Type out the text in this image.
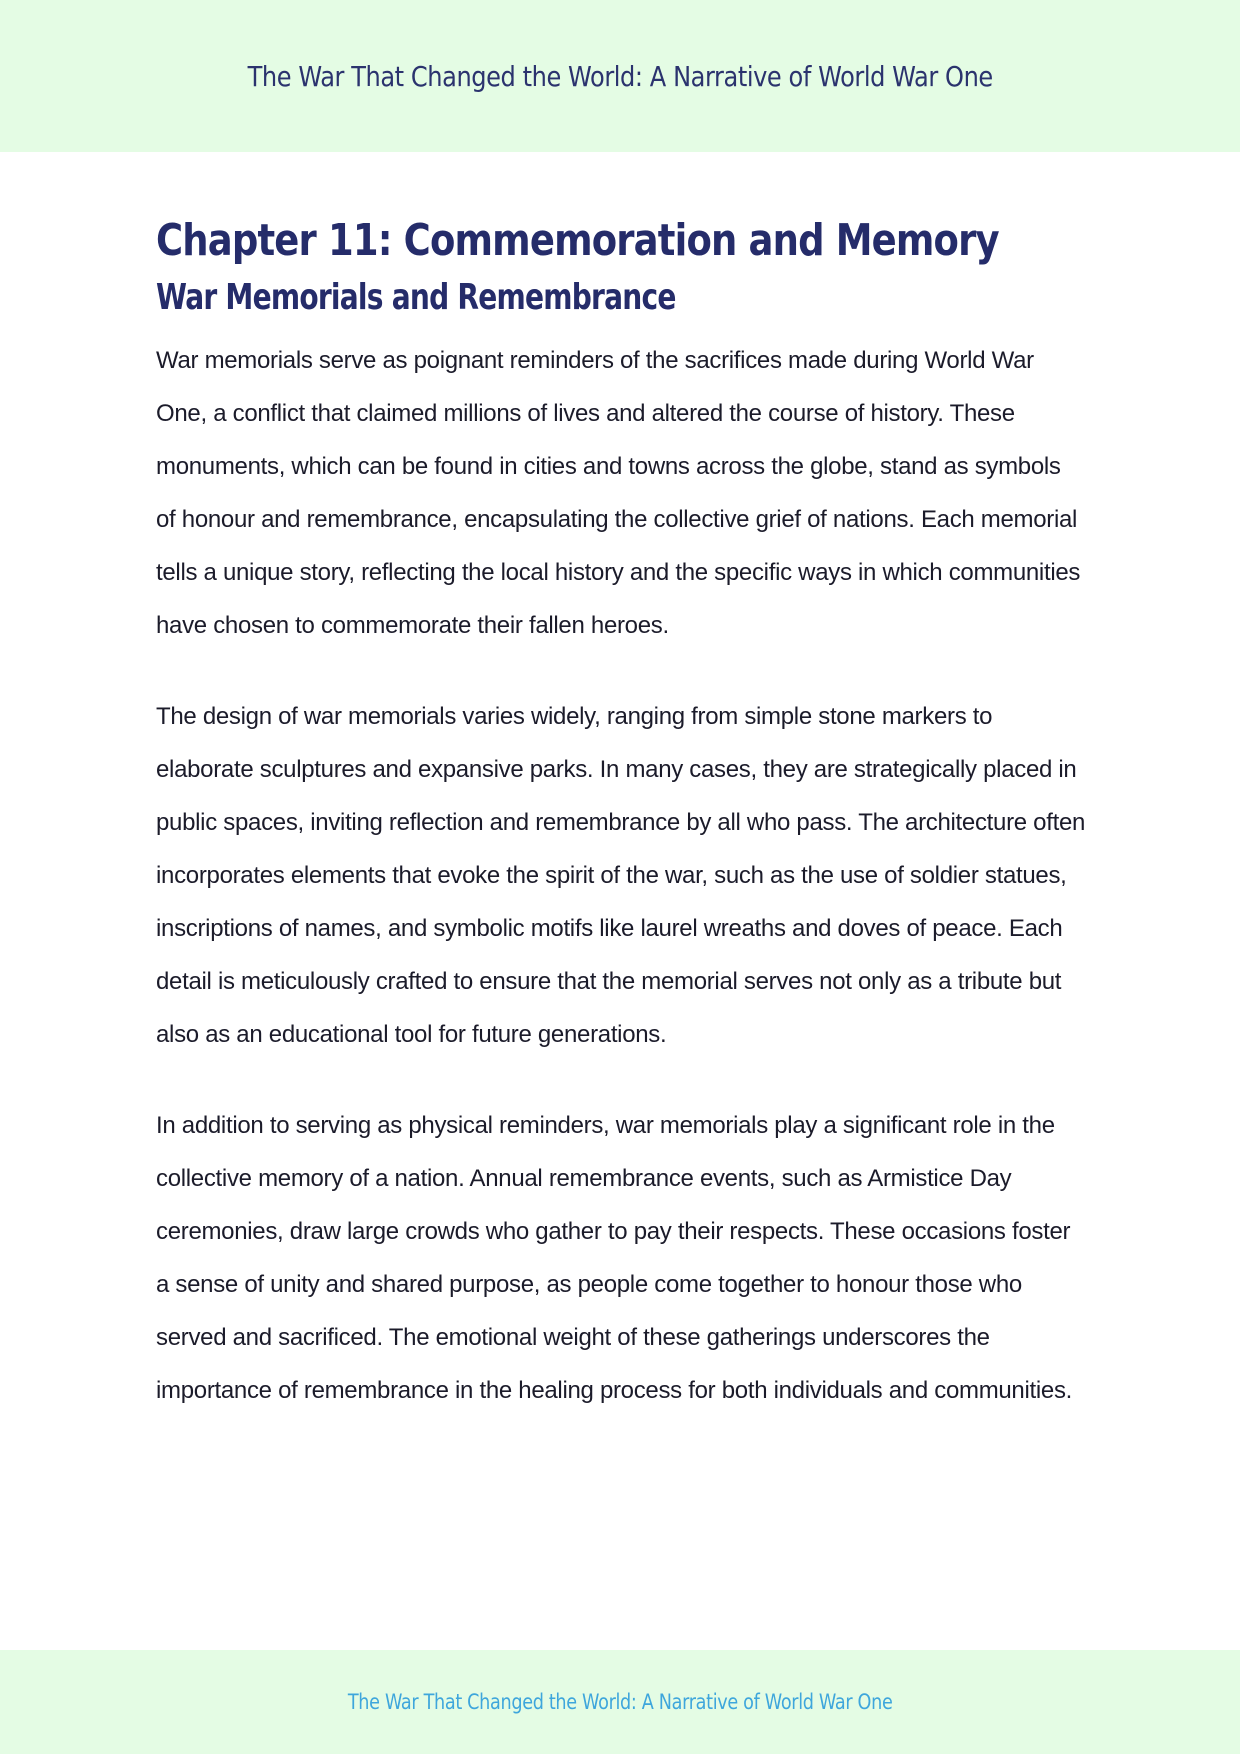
The War That Changed the World: A Narrative of World War One
Chapter 11: Commemoration and Memory
War Memorials and Remembrance

War memorials serve as poignant reminders of the sacrifices made during World War One, a conflict that claimed millions of lives and altered the course of history. These monuments, which can be found in cities and towns across the globe, stand as symbols of honour and remembrance, encapsulating the collective grief of nations. Each memorial tells a unique story, reflecting the local history and the specific ways in which communities have chosen to commemorate their fallen heroes.

The design of war memorials varies widely, ranging from simple stone markers to elaborate sculptures and expansive parks. In many cases, they are strategically placed in public spaces, inviting reflection and remembrance by all who pass. The architecture often incorporates elements that evoke the spirit of the war, such as the use of soldier statues, inscriptions of names, and symbolic motifs like laurel wreaths and doves of peace. Each detail is meticulously crafted to ensure that the memorial serves not only as a tribute but also as an educational tool for future generations.

In addition to serving as physical reminders, war memorials play a significant role in the collective memory of a nation. Annual remembrance events, such as Armistice Day ceremonies, draw large crowds who gather to pay their respects. These occasions foster a sense of unity and shared purpose, as people come together to honour those who served and sacrificed. The emotional weight of these gatherings underscores the importance of remembrance in the healing process for both individuals and communities.

The War That Changed the World: A Narrative of World War One
